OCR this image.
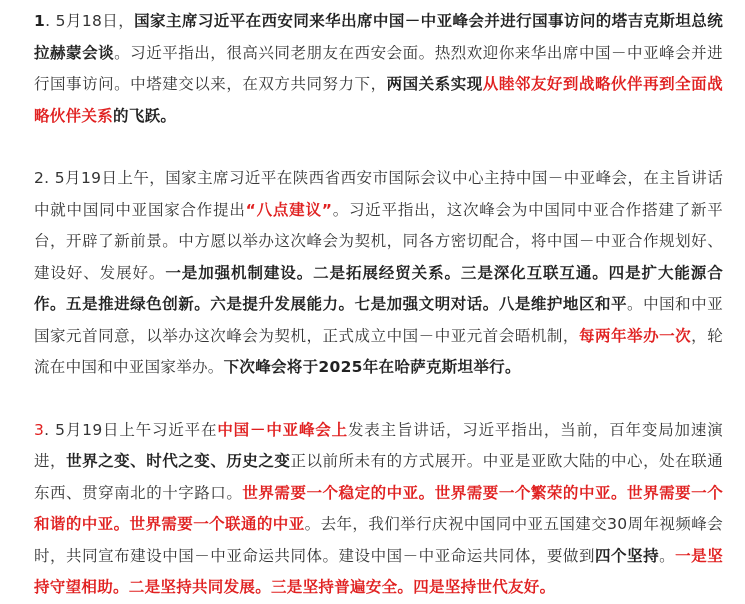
1. 5月18日，国家主席习近平在西安同来华出席中国－中亚峰会并进行国事访问的塔吉克斯坦总统拉赫蒙会谈。习近平指出，很高兴同老朋友在西安会面。热烈欢迎你来华出席中国－中亚峰会并进行国事访问。中塔建交以来，在双方共同努力下，两国关系实现从睦邻友好到战略伙伴再到全面战略伙伴关系的飞跃。

2. 5月19日上午，国家主席习近平在陕西省西安市国际会议中心主持中国－中亚峰会，在主旨讲话中就中国同中亚国家合作提出“八点建议”。习近平指出，这次峰会为中国同中亚合作搭建了新平台，开辟了新前景。中方愿以举办这次峰会为契机，同各方密切配合，将中国－中亚合作规划好、建设好、发展好。一是加强机制建设。二是拓展经贸关系。三是深化互联互通。四是扩大能源合作。五是推进绿色创新。六是提升发展能力。七是加强文明对话。八是维护地区和平。中国和中亚国家元首同意，以举办这次峰会为契机，正式成立中国－中亚元首会晤机制，每两年举办一次，轮流在中国和中亚国家举办。下次峰会将于2025年在哈萨克斯坦举行。

3. 5月19日上午习近平在中国－中亚峰会上发表主旨讲话，习近平指出，当前，百年变局加速演进，世界之变、时代之变、历史之变正以前所未有的方式展开。中亚是亚欧大陆的中心，处在联通东西、贯穿南北的十字路口。世界需要一个稳定的中亚。世界需要一个繁荣的中亚。世界需要一个和谐的中亚。世界需要一个联通的中亚。去年，我们举行庆祝中国同中亚五国建交30周年视频峰会时，共同宣布建设中国－中亚命运共同体。建设中国－中亚命运共同体，要做到四个坚持。一是坚持守望相助。二是坚持共同发展。三是坚持普遍安全。四是坚持世代友好。
